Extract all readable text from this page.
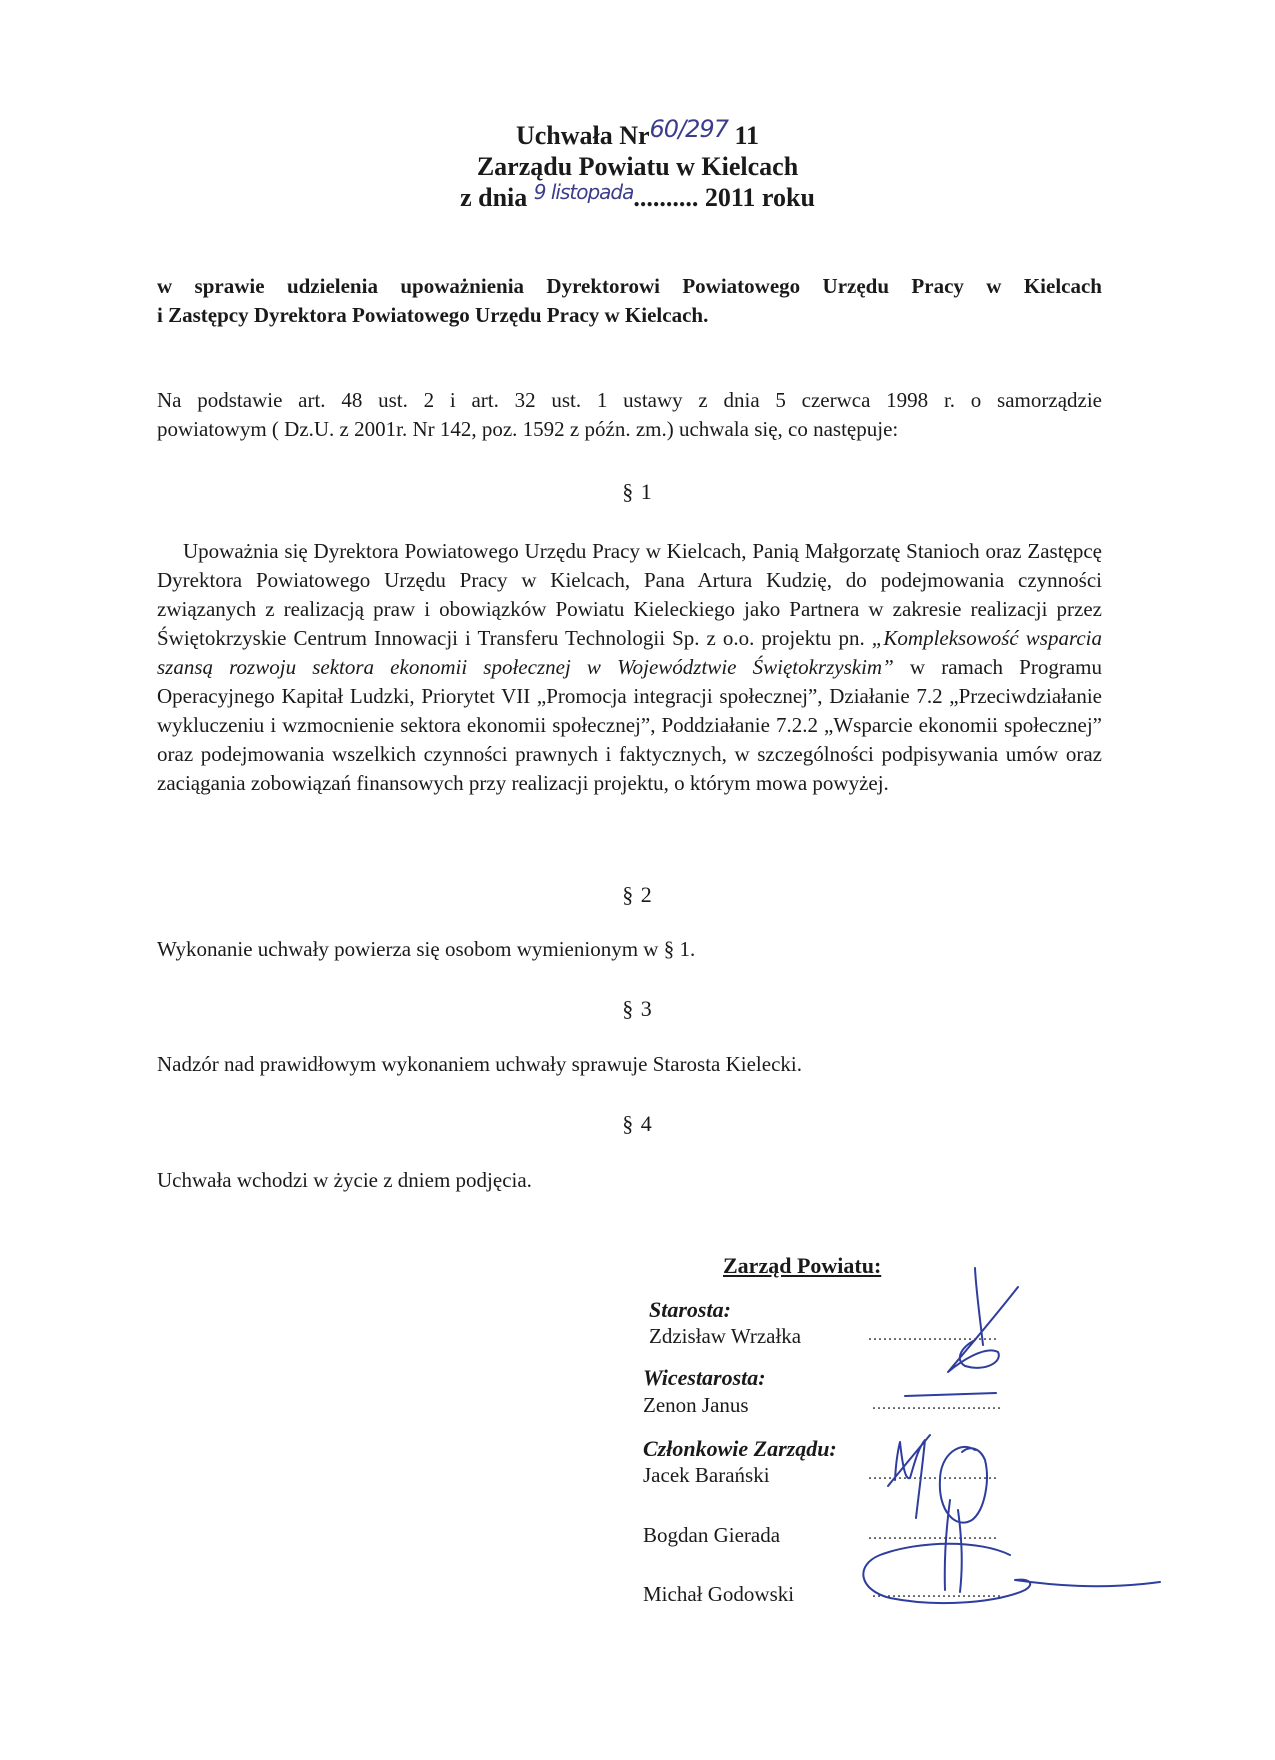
Uchwała Nr60/297 11
Zarządu Powiatu w Kielcach
z dnia $^{9 listopada}$.......... 2011 roku
w sprawie udzielenia upoważnienia Dyrektorowi Powiatowego Urzędu Pracy w Kielcach
i Zastępcy Dyrektora Powiatowego Urzędu Pracy w Kielcach.
Na podstawie art. 48 ust. 2 i art. 32 ust. 1 ustawy z dnia 5 czerwca 1998 r. o samorządzie
powiatowym ( Dz.U. z 2001r. Nr 142, poz. 1592 z późn. zm.) uchwala się, co następuje:
§ 1
Upoważnia się Dyrektora Powiatowego Urzędu Pracy w Kielcach, Panią Małgorzatę Stanioch oraz Zastępcę Dyrektora Powiatowego Urzędu Pracy w Kielcach, Pana Artura Kudzię, do podejmowania czynności związanych z realizacją praw i obowiązków Powiatu Kieleckiego jako Partnera w zakresie realizacji przez Świętokrzyskie Centrum Innowacji i Transferu Technologii Sp. z o.o. projektu pn. „Kompleksowość wsparcia szansą rozwoju sektora ekonomii społecznej w Województwie Świętokrzyskim” w ramach Programu Operacyjnego Kapitał Ludzki, Priorytet VII „Promocja integracji społecznej”, Działanie 7.2 „Przeciwdziałanie wykluczeniu i wzmocnienie sektora ekonomii społecznej”, Poddziałanie 7.2.2 „Wsparcie ekonomii społecznej” oraz podejmowania wszelkich czynności prawnych i faktycznych, w szczególności podpisywania umów oraz zaciągania zobowiązań finansowych przy realizacji projektu, o którym mowa powyżej.
§ 2
Wykonanie uchwały powierza się osobom wymienionym w § 1.
§ 3
Nadzór nad prawidłowym wykonaniem uchwały sprawuje Starosta Kielecki.
§ 4
Uchwała wchodzi w życie z dniem podjęcia.
Zarząd Powiatu:
Starosta:
Zdzisław Wrzałka	..........................
Wicestarosta:
Zenon Janus	..........................
Członkowie Zarządu:
Jacek Barański	..........................
Bogdan Gierada	..........................
Michał Godowski	..........................
